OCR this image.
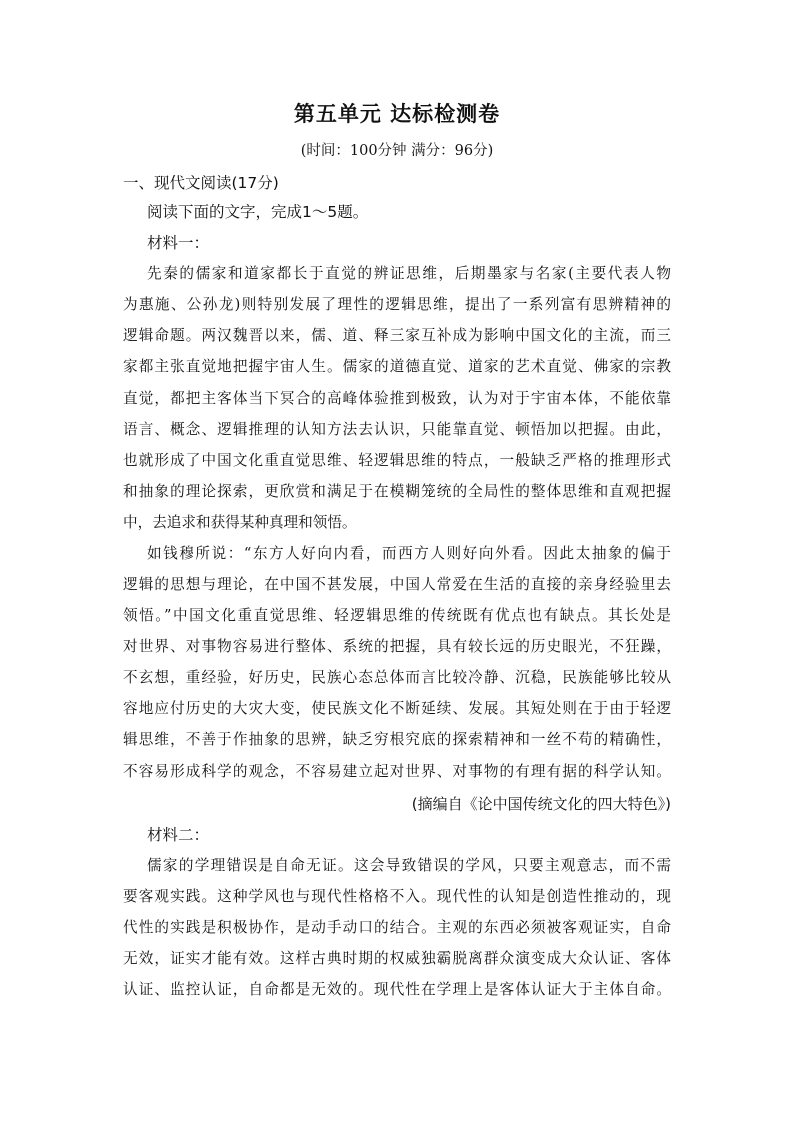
第五单元 达标检测卷
(时间：100分钟 满分：96分)
一、现代文阅读(17分)
阅读下面的文字，完成1～5题。
材料一：
先秦的儒家和道家都长于直觉的辨证思维，后期墨家与名家(主要代表人物
为惠施、公孙龙)则特别发展了理性的逻辑思维，提出了一系列富有思辨精神的
逻辑命题。两汉魏晋以来，儒、道、释三家互补成为影响中国文化的主流，而三
家都主张直觉地把握宇宙人生。儒家的道德直觉、道家的艺术直觉、佛家的宗教
直觉，都把主客体当下冥合的高峰体验推到极致，认为对于宇宙本体，不能依靠
语言、概念、逻辑推理的认知方法去认识，只能靠直觉、顿悟加以把握。由此，
也就形成了中国文化重直觉思维、轻逻辑思维的特点，一般缺乏严格的推理形式
和抽象的理论探索，更欣赏和满足于在模糊笼统的全局性的整体思维和直观把握
中，去追求和获得某种真理和领悟。
如钱穆所说：“东方人好向内看，而西方人则好向外看。因此太抽象的偏于
逻辑的思想与理论，在中国不甚发展，中国人常爱在生活的直接的亲身经验里去
领悟。”中国文化重直觉思维、轻逻辑思维的传统既有优点也有缺点。其长处是
对世界、对事物容易进行整体、系统的把握，具有较长远的历史眼光，不狂躁，
不玄想，重经验，好历史，民族心态总体而言比较冷静、沉稳，民族能够比较从
容地应付历史的大灾大变，使民族文化不断延续、发展。其短处则在于由于轻逻
辑思维，不善于作抽象的思辨，缺乏穷根究底的探索精神和一丝不苟的精确性，
不容易形成科学的观念，不容易建立起对世界、对事物的有理有据的科学认知。
(摘编自《论中国传统文化的四大特色》)
材料二：
儒家的学理错误是自命无证。这会导致错误的学风，只要主观意志，而不需
要客观实践。这种学风也与现代性格格不入。现代性的认知是创造性推动的，现
代性的实践是积极协作，是动手动口的结合。主观的东西必须被客观证实，自命
无效，证实才能有效。这样古典时期的权威独霸脱离群众演变成大众认证、客体
认证、监控认证，自命都是无效的。现代性在学理上是客体认证大于主体自命。
